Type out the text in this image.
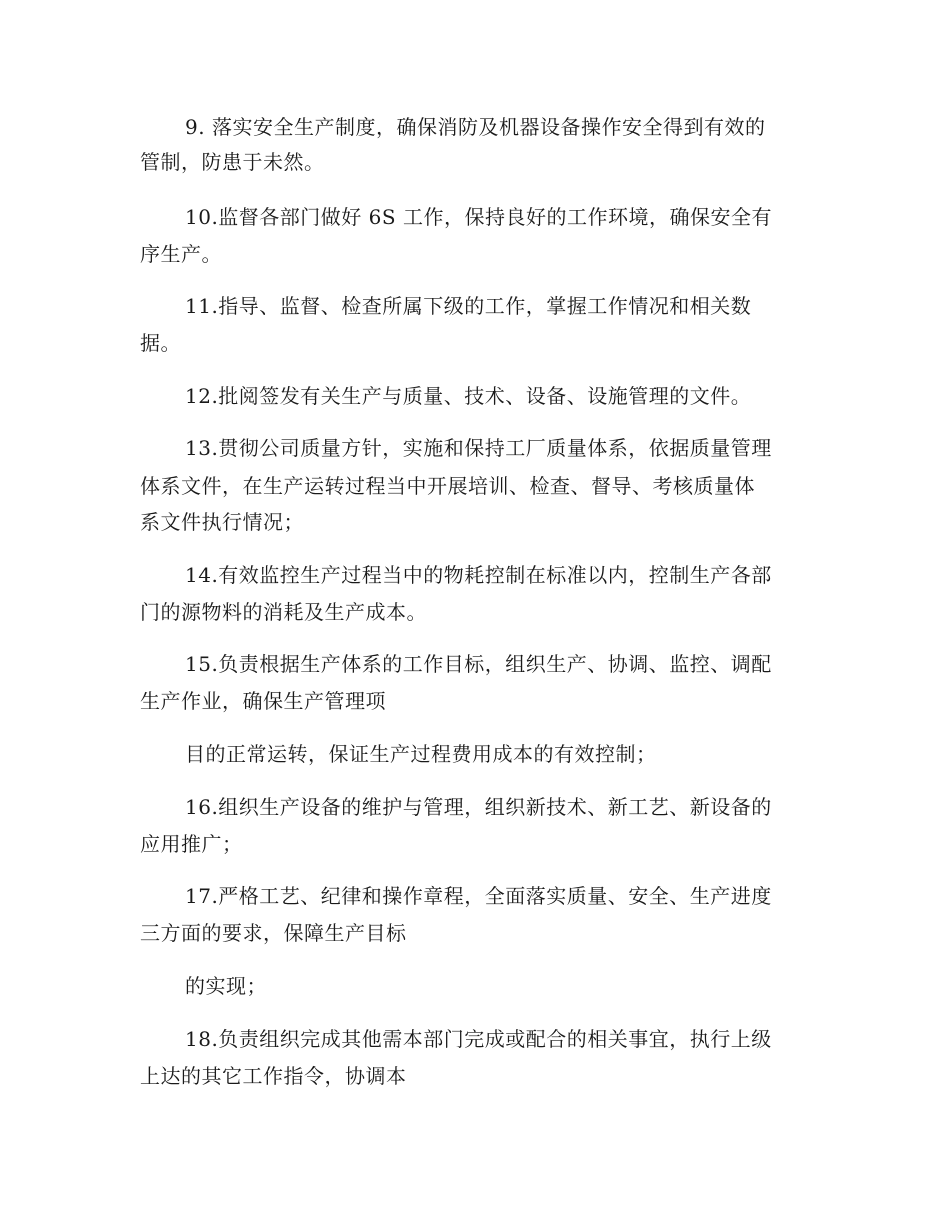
9. 落实安全生产制度，确保消防及机器设备操作安全得到有效的
管制，防患于未然。
10.监督各部门做好 6S 工作，保持良好的工作环境，确保安全有
序生产。
11.指导、监督、检查所属下级的工作，掌握工作情况和相关数
据。
12.批阅签发有关生产与质量、技术、设备、设施管理的文件。
13.贯彻公司质量方针，实施和保持工厂质量体系，依据质量管理
体系文件，在生产运转过程当中开展培训、检查、督导、考核质量体
系文件执行情况；
14.有效监控生产过程当中的物耗控制在标准以内，控制生产各部
门的源物料的消耗及生产成本。
15.负责根据生产体系的工作目标，组织生产、协调、监控、调配
生产作业，确保生产管理项
目的正常运转，保证生产过程费用成本的有效控制；
16.组织生产设备的维护与管理，组织新技术、新工艺、新设备的
应用推广；
17.严格工艺、纪律和操作章程，全面落实质量、安全、生产进度
三方面的要求，保障生产目标
的实现；
18.负责组织完成其他需本部门完成或配合的相关事宜，执行上级
上达的其它工作指令，协调本
